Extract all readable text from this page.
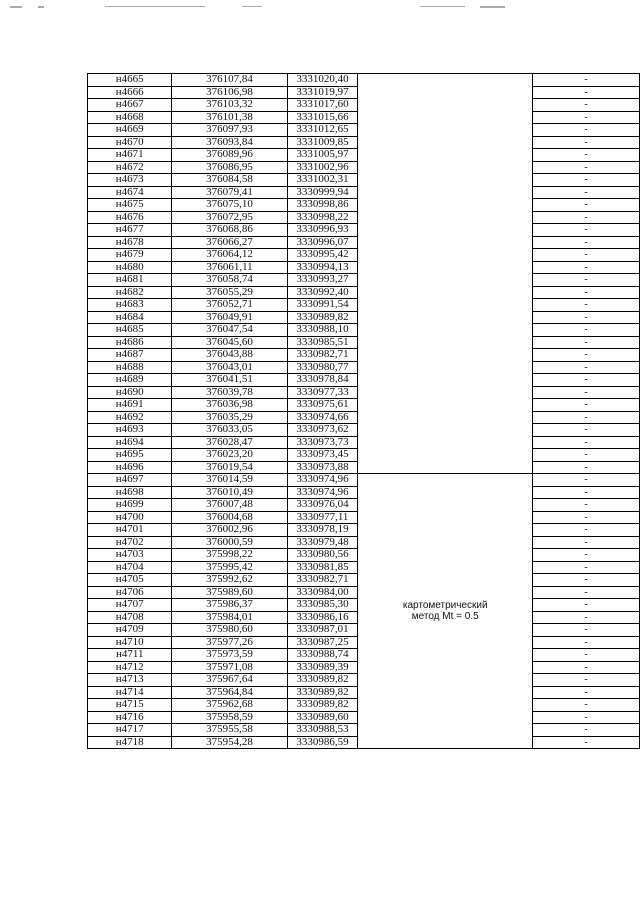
н4665	376107,84	3331020,40		-
н4666	376106,98	3331019,97		-
н4667	376103,32	3331017,60		-
н4668	376101,38	3331015,66		-
н4669	376097,93	3331012,65		-
н4670	376093,84	3331009,85		-
н4671	376089,96	3331005,97		-
н4672	376086,95	3331002,96		-
н4673	376084,58	3331002,31		-
н4674	376079,41	3330999,94		-
н4675	376075,10	3330998,86		-
н4676	376072,95	3330998,22		-
н4677	376068,86	3330996,93		-
н4678	376066,27	3330996,07		-
н4679	376064,12	3330995,42		-
н4680	376061,11	3330994,13		-
н4681	376058,74	3330993,27		-
н4682	376055,29	3330992,40		-
н4683	376052,71	3330991,54		-
н4684	376049,91	3330989,82		-
н4685	376047,54	3330988,10		-
н4686	376045,60	3330985,51		-
н4687	376043,88	3330982,71		-
н4688	376043,01	3330980,77		-
н4689	376041,51	3330978,84		-
н4690	376039,78	3330977,33		-
н4691	376036,98	3330975,61		-
н4692	376035,29	3330974,66		-
н4693	376033,05	3330973,62		-
н4694	376028,47	3330973,73		-
н4695	376023,20	3330973,45		-
н4696	376019,54	3330973,88		-
н4697	376014,59	3330974,96	картометрический
метод Mt = 0.5	-
н4698	376010,49	3330974,96		-
н4699	376007,48	3330976,04		-
н4700	376004,68	3330977,11		-
н4701	376002,96	3330978,19		-
н4702	376000,59	3330979,48		-
н4703	375998,22	3330980,56		-
н4704	375995,42	3330981,85		-
н4705	375992,62	3330982,71		-
н4706	375989,60	3330984,00		-
н4707	375986,37	3330985,30		-
н4708	375984,01	3330986,16		-
н4709	375980,60	3330987,01		-
н4710	375977,26	3330987,25		-
н4711	375973,59	3330988,74		-
н4712	375971,08	3330989,39		-
н4713	375967,64	3330989,82		-
н4714	375964,84	3330989,82		-
н4715	375962,68	3330989,82		-
н4716	375958,59	3330989,60		-
н4717	375955,58	3330988,53		-
н4718	375954,28	3330986,59		-
